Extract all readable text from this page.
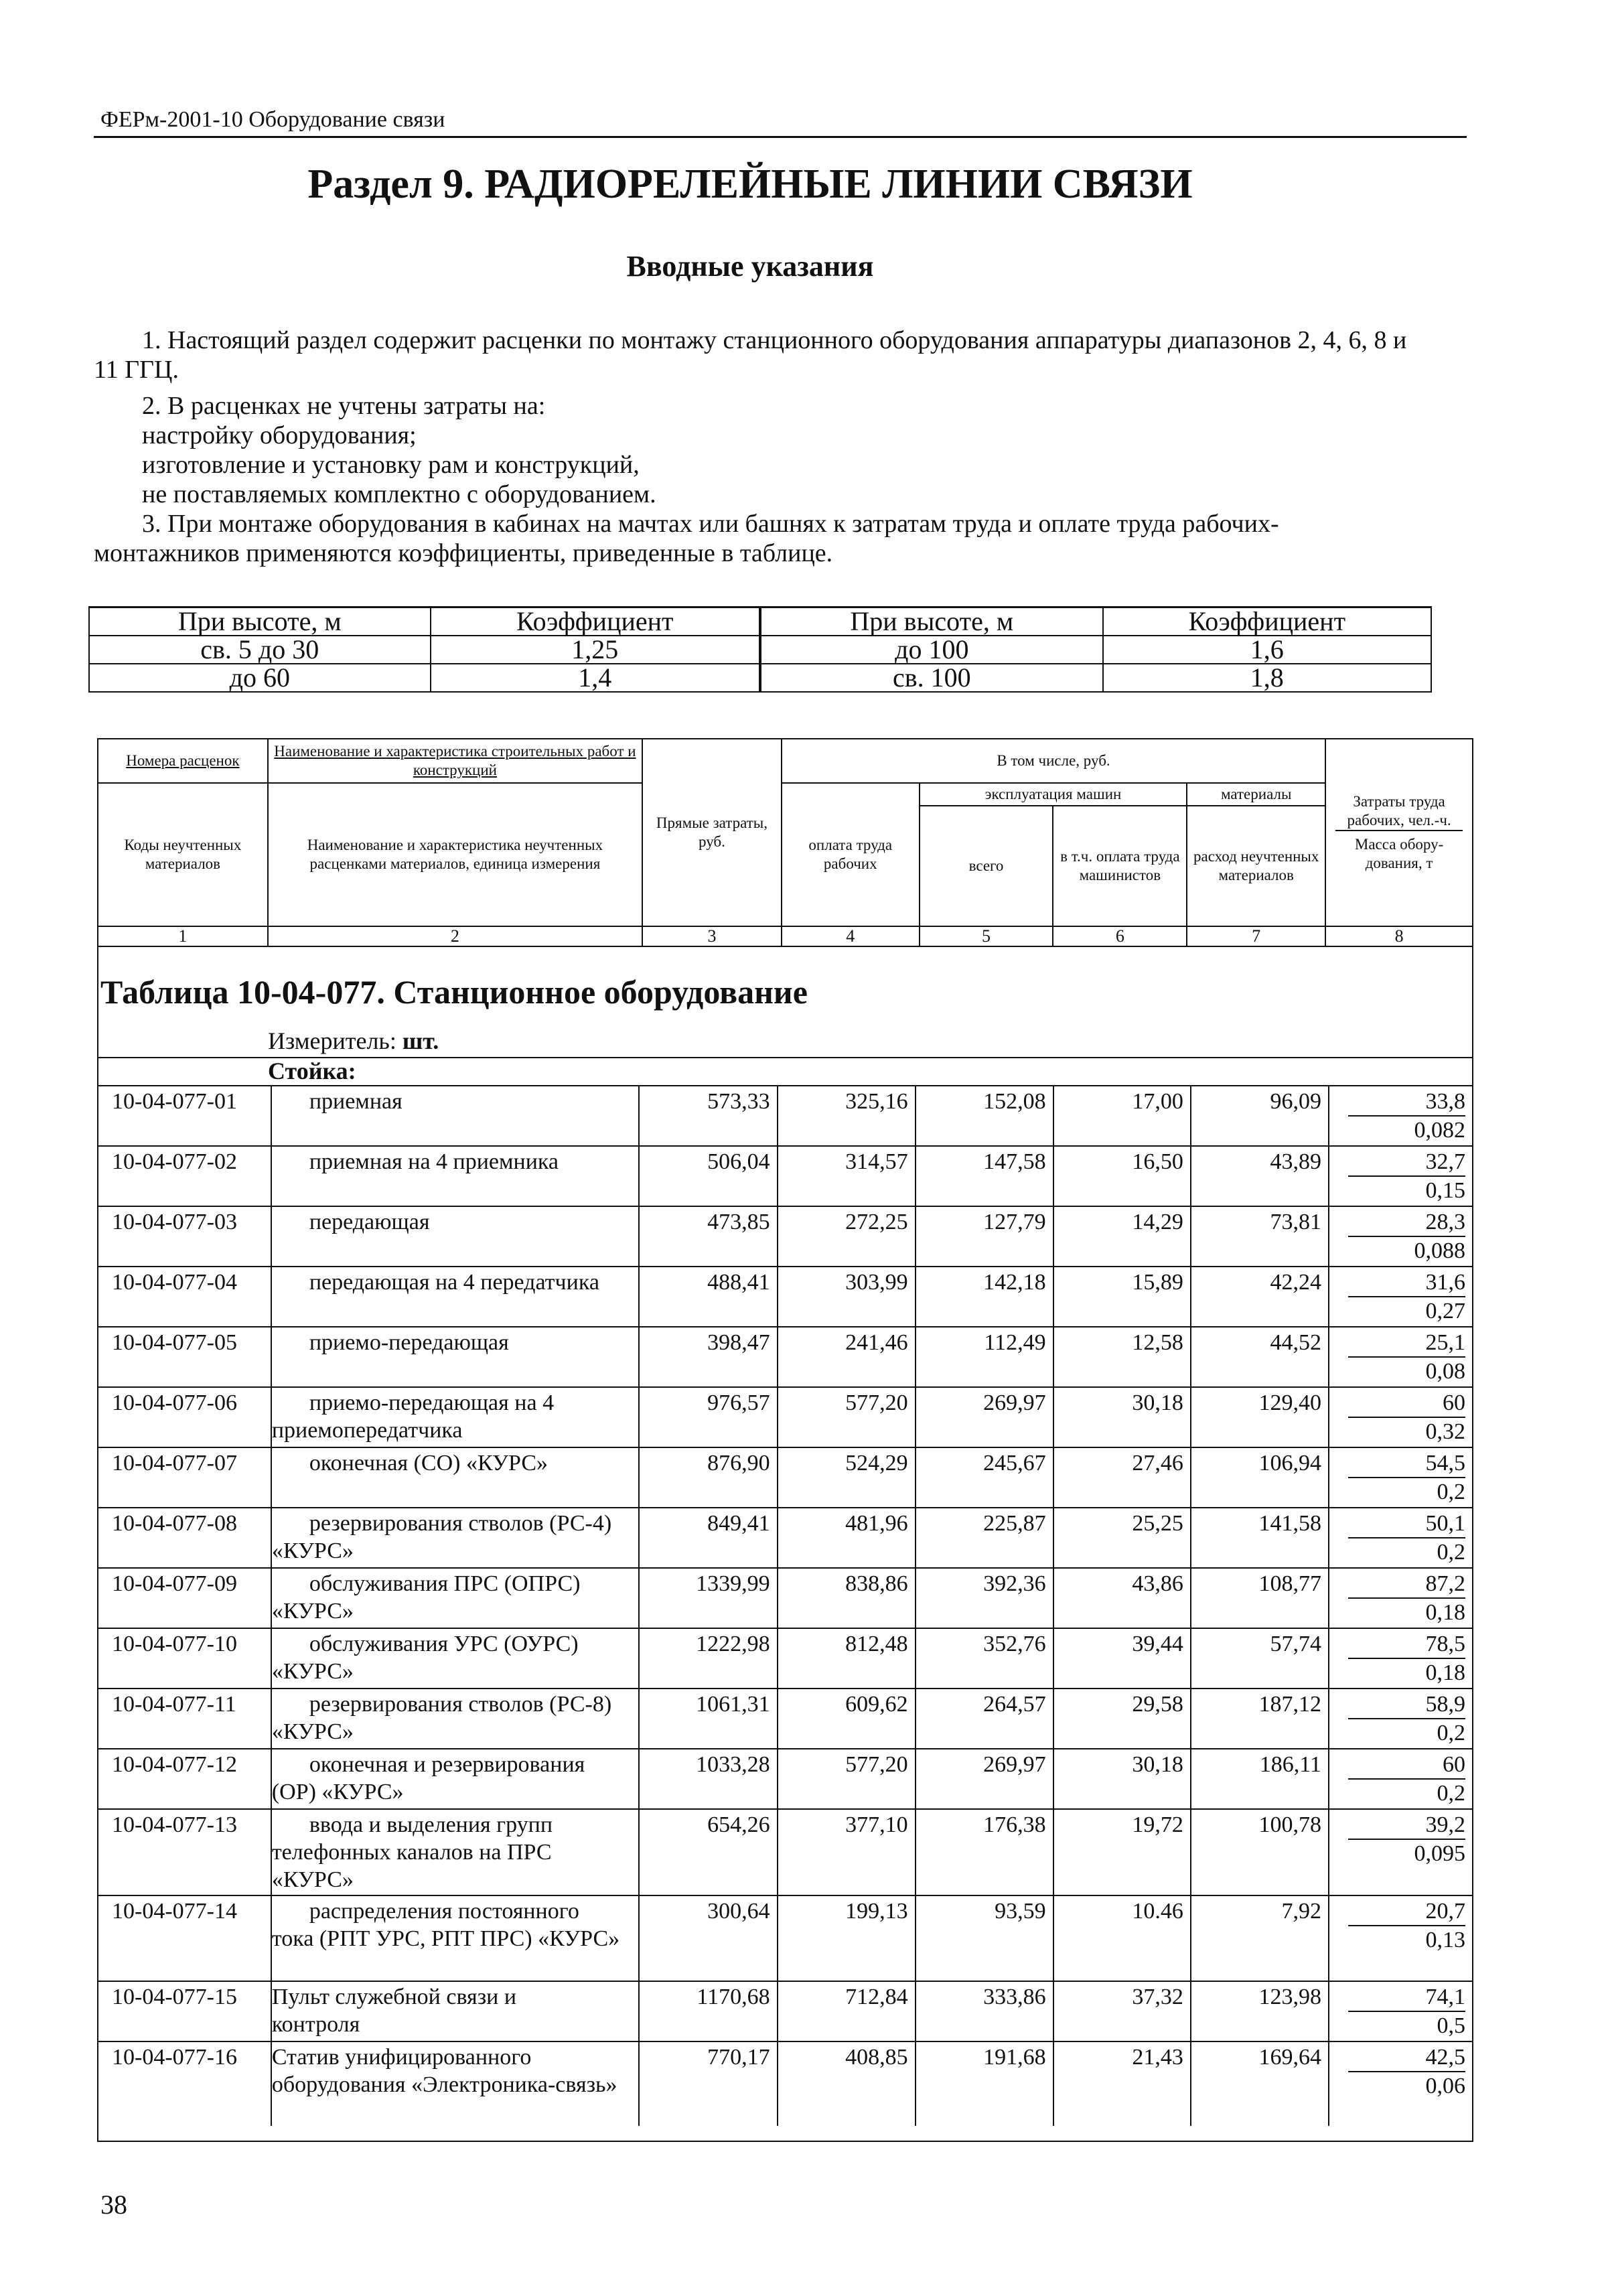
ФЕРм-2001-10 Оборудование связи
Раздел 9. РАДИОРЕЛЕЙНЫЕ ЛИНИИ СВЯЗИ
Вводные указания
1. Настоящий раздел содержит расценки по монтажу станционного оборудования аппаратуры диапазонов 2, 4, 6, 8 и 11 ГГЦ.
2. В расценках не учтены затраты на:
настройку оборудования;
изготовление и установку рам и конструкций,
не поставляемых комплектно с оборудованием.
3. При монтаже оборудования в кабинах на мачтах или башнях к затратам труда и оплате труда рабочих-монтажников применяются коэффициенты, приведенные в таблице.
При высоте, м	Коэффициент	При высоте, м	Коэффициент
св. 5 до 30	1,25	до 100	1,6
до 60	1,4	св. 100	1,8
Номера расценок	Наименование и характеристика строительных работ и конструкций	Прямые затраты, руб.	В том числе, руб.				Затраты труда рабочих, чел.-ч.
Масса обору-дования, т

Коды неучтенных материалов	Наименование и характеристика неучтенных расценками материалов, единица измерения		оплата труда рабочих	эксплуатация машин		материалы	
				всего	в т.ч. оплата труда машинистов	расход неучтенных материалов	
1	2	3	4	5	6	7	8
Таблица 10-04-077. Станционное оборудование
Измеритель: шт.
Стойка:
10-04-077-01	приемная	573,33	325,16	152,08	17,00	96,09	33,8
0,082

10-04-077-02	приемная на 4 приемника	506,04	314,57	147,58	16,50	43,89	32,7
0,15

10-04-077-03	передающая	473,85	272,25	127,79	14,29	73,81	28,3
0,088

10-04-077-04	передающая на 4 передатчика	488,41	303,99	142,18	15,89	42,24	31,6
0,27

10-04-077-05	приемо-передающая	398,47	241,46	112,49	12,58	44,52	25,1
0,08

10-04-077-06	приемо-передающая на 4
приемопередатчика	976,57	577,20	269,97	30,18	129,40	60
0,32

10-04-077-07	оконечная (СО) «КУРС»	876,90	524,29	245,67	27,46	106,94	54,5
0,2

10-04-077-08	резервирования стволов (РС-4)
«КУРС»	849,41	481,96	225,87	25,25	141,58	50,1
0,2

10-04-077-09	обслуживания ПРС (ОПРС)
«КУРС»	1339,99	838,86	392,36	43,86	108,77	87,2
0,18

10-04-077-10	обслуживания УРС (ОУРС)
«КУРС»	1222,98	812,48	352,76	39,44	57,74	78,5
0,18

10-04-077-11	резервирования стволов (РС-8)
«КУРС»	1061,31	609,62	264,57	29,58	187,12	58,9
0,2

10-04-077-12	оконечная и резервирования
(ОР) «КУРС»	1033,28	577,20	269,97	30,18	186,11	60
0,2

10-04-077-13	ввода и выделения групп
телефонных каналов на ПРС «КУРС»	654,26	377,10	176,38	19,72	100,78	39,2
0,095

10-04-077-14	распределения постоянного
тока (РПТ УРС, РПТ ПРС) «КУРС»	300,64	199,13	93,59	10.46	7,92	20,7
0,13

10-04-077-15	Пульт служебной связи и
контроля	1170,68	712,84	333,86	37,32	123,98	74,1
0,5

10-04-077-16	Статив унифицированного
оборудования «Электроника-связь»	770,17	408,85	191,68	21,43	169,64	42,5
0,06
38
